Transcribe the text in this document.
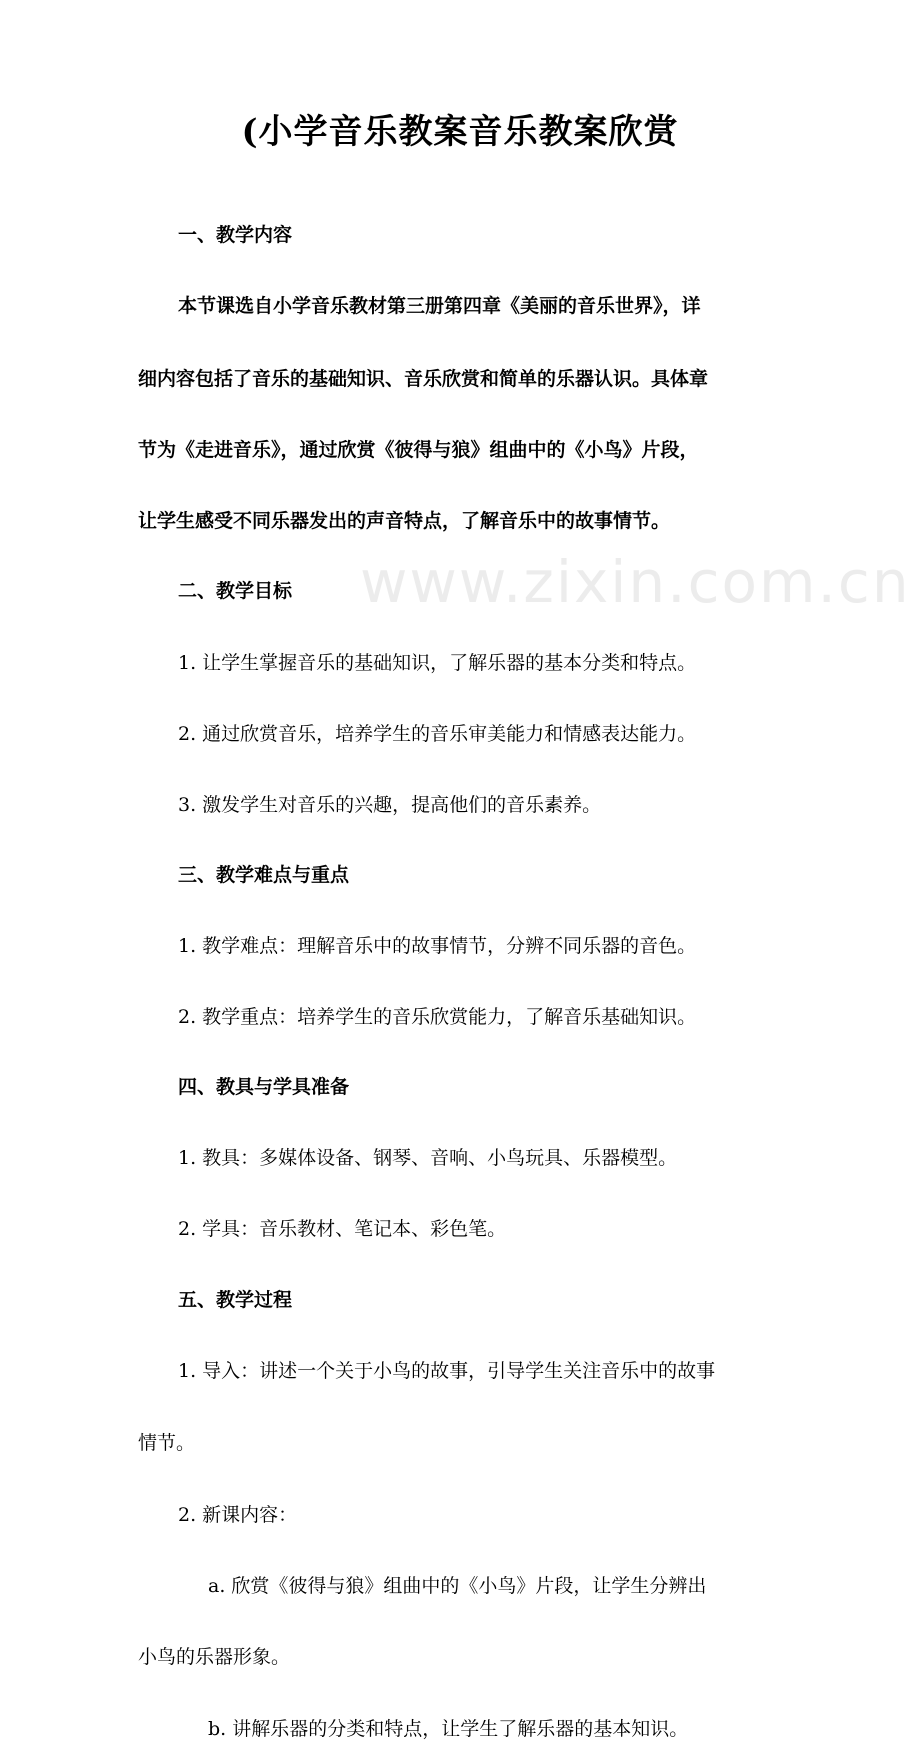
www.zixin.com.cn
(小学音乐教案音乐教案欣赏
一、教学内容
本节课选自小学音乐教材第三册第四章《美丽的音乐世界》，详
细内容包括了音乐的基础知识、音乐欣赏和简单的乐器认识。具体章
节为《走进音乐》，通过欣赏《彼得与狼》组曲中的《小鸟》片段，
让学生感受不同乐器发出的声音特点，了解音乐中的故事情节。
二、教学目标
1. 让学生掌握音乐的基础知识，了解乐器的基本分类和特点。
2. 通过欣赏音乐，培养学生的音乐审美能力和情感表达能力。
3. 激发学生对音乐的兴趣，提高他们的音乐素养。
三、教学难点与重点
1. 教学难点：理解音乐中的故事情节，分辨不同乐器的音色。
2. 教学重点：培养学生的音乐欣赏能力，了解音乐基础知识。
四、教具与学具准备
1. 教具：多媒体设备、钢琴、音响、小鸟玩具、乐器模型。
2. 学具：音乐教材、笔记本、彩色笔。
五、教学过程
1. 导入：讲述一个关于小鸟的故事，引导学生关注音乐中的故事
情节。
2. 新课内容：
a. 欣赏《彼得与狼》组曲中的《小鸟》片段，让学生分辨出
小鸟的乐器形象。
b. 讲解乐器的分类和特点，让学生了解乐器的基本知识。
